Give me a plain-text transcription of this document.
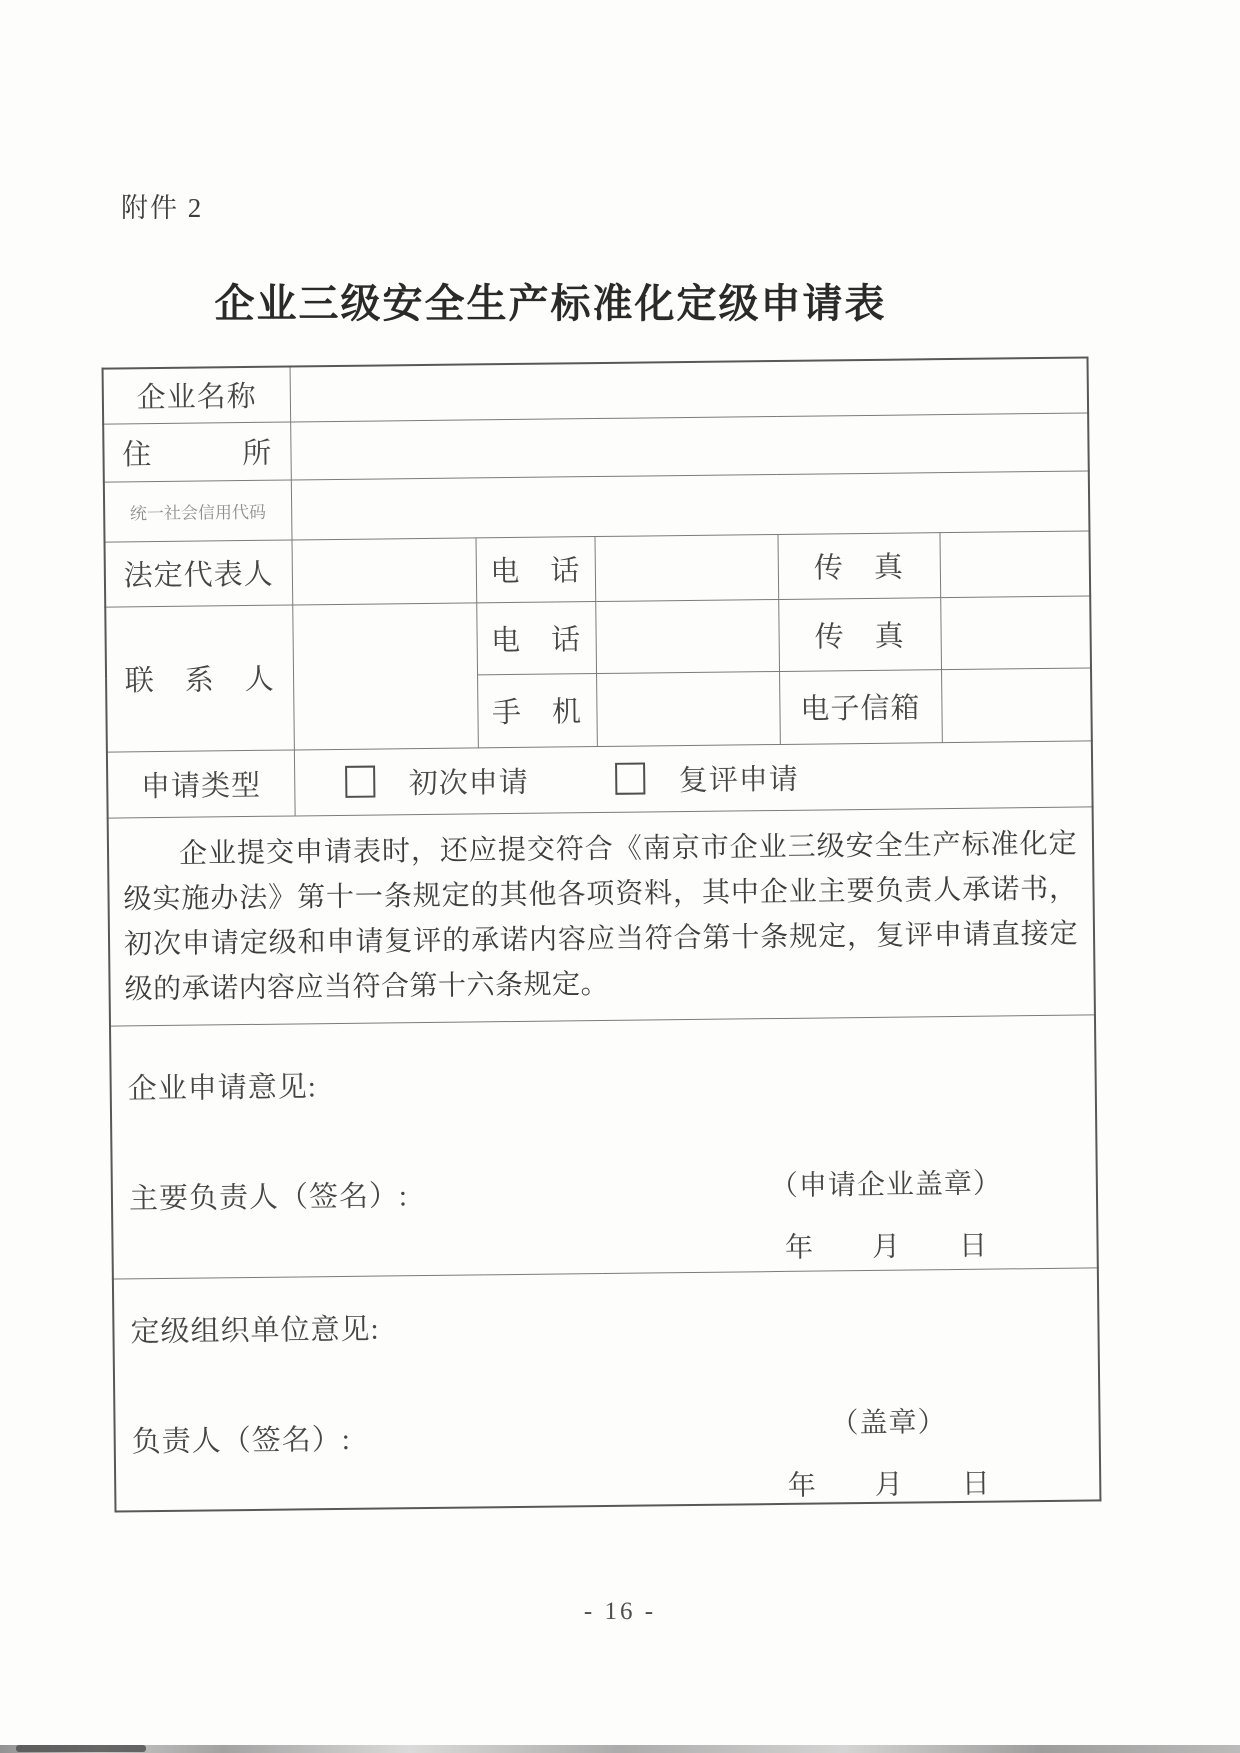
附件 2
企业三级安全生产标准化定级申请表
企业名称					
住　　　所					
统一社会信用代码					
法定代表人		电　话		传　真	
联　系　人		电　话		传　真	
		手　机		电子信箱	
申请类型	初次申请 复评申请				

企业提交申请表时，还应提交符合《南京市企业三级安全生产标准化定级实施办法》第十一条规定的其他各项资料，其中企业主要负责人承诺书，初次申请定级和申请复评的承诺内容应当符合第十条规定，复评申请直接定级的承诺内容应当符合第十六条规定。					

企业申请意见:
主要负责人（签名）: （申请企业盖章）
年　　月　　日					

定级组织单位意见:
负责人（签名）:
（盖章）
年　　月　　日					
- 16 -
